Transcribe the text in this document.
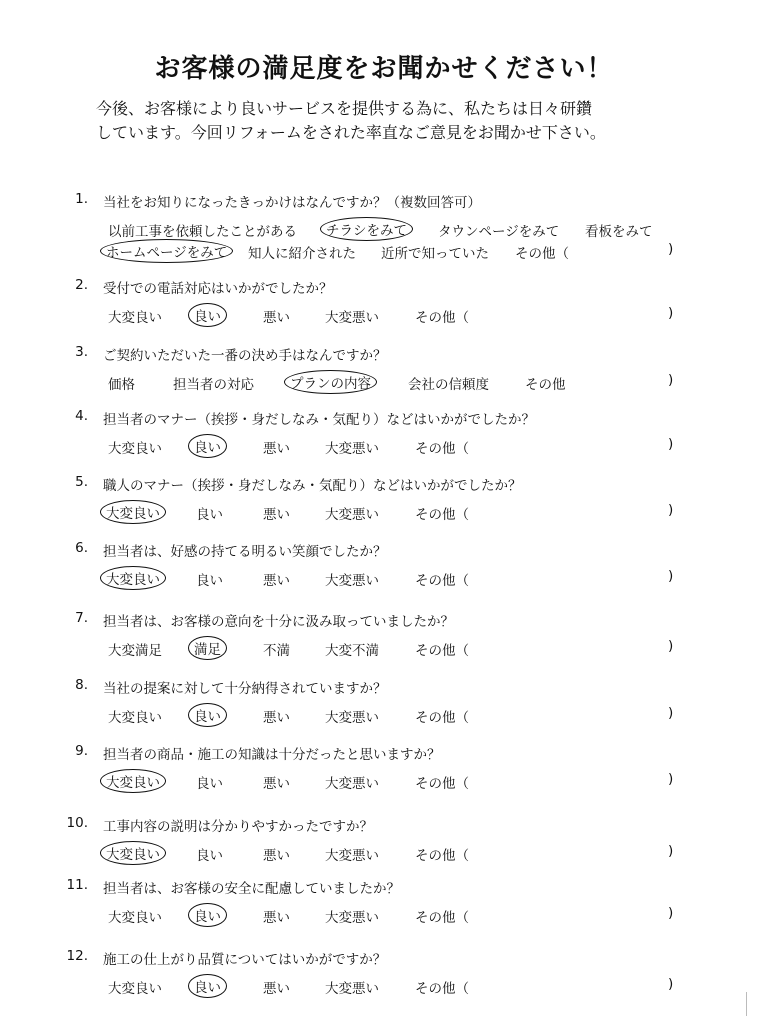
お客様の満足度をお聞かせください！
今後、お客様により良いサービスを提供する為に、私たちは日々研鑽
しています。今回リフォームをされた率直なご意見をお聞かせ下さい。
1. 当社をお知りになったきっかけはなんですか？（複数回答可）
以前工事を依頼したことがある	チラシをみて	タウンページをみて 看板をみて
ホームページをみて	知人に紹介された 近所で知っていた その他（	)
2. 受付での電話対応はいかがでしたか？
大変良い	良い	悪い	大変悪い	その他（	)
3. ご契約いただいた一番の決め手はなんですか？
価格	担当者の対応	プランの内容	会社の信頼度	その他	)
4. 担当者のマナー（挨拶・身だしなみ・気配り）などはいかがでしたか？
大変良い	良い	悪い	大変悪い	その他（	)
5. 職人のマナー（挨拶・身だしなみ・気配り）などはいかがでしたか？
大変良い	良い	悪い	大変悪い	その他（	)
6. 担当者は、好感の持てる明るい笑顔でしたか？
大変良い	良い	悪い	大変悪い	その他（	)
7. 担当者は、お客様の意向を十分に汲み取っていましたか？
大変満足	満足	不満	大変不満	その他（	)
8. 当社の提案に対して十分納得されていますか？
大変良い	良い	悪い	大変悪い	その他（	)
9. 担当者の商品・施工の知識は十分だったと思いますか？
大変良い	良い	悪い	大変悪い	その他（	)
10. 工事内容の説明は分かりやすかったですか？
大変良い	良い	悪い	大変悪い	その他（	)
11. 担当者は、お客様の安全に配慮していましたか？
大変良い	良い	悪い	大変悪い	その他（	)
12. 施工の仕上がり品質についてはいかがですか？
大変良い	良い	悪い	大変悪い	その他（	)
